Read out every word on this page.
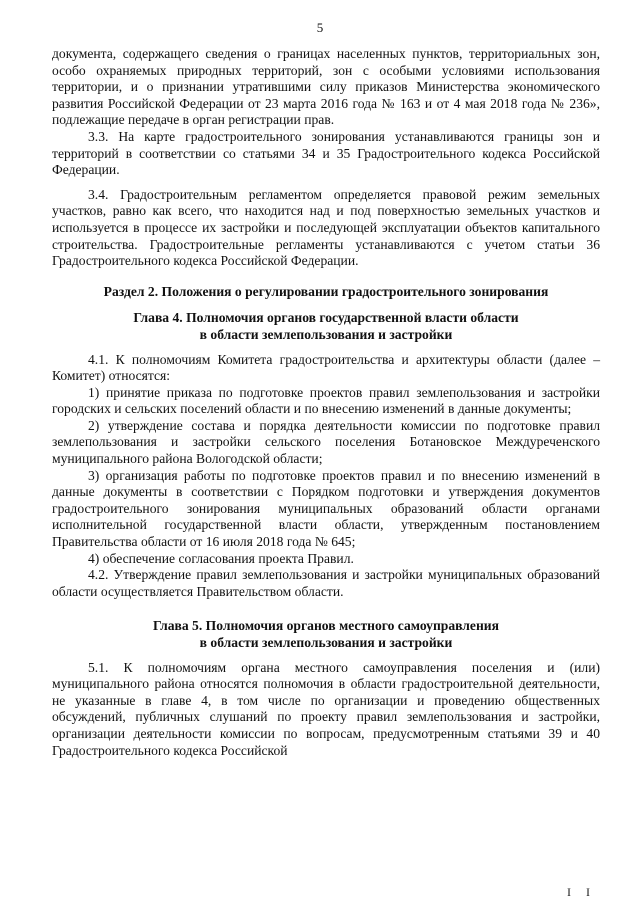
5

документа, содержащего сведения о границах населенных пунктов, территориальных зон, особо охраняемых природных территорий, зон с особыми условиями использования территории, и о признании утратившими силу приказов Министерства экономического развития Российской Федерации от 23 марта 2016 года № 163 и от 4 мая 2018 года № 236», подлежащие передаче в орган регистрации прав.

3.3. На карте градостроительного зонирования устанавливаются границы зон и территорий в соответствии со статьями 34 и 35 Градостроительного кодекса Российской Федерации.

3.4. Градостроительным регламентом определяется правовой режим земельных участков, равно как всего, что находится над и под поверхностью земельных участков и используется в процессе их застройки и последующей эксплуатации объектов капитального строительства. Градостроительные регламенты устанавливаются с учетом статьи 36 Градостроительного кодекса Российской Федерации.

Раздел 2. Положения о регулировании градостроительного зонирования
Глава 4. Полномочия органов государственной власти области
в области землепользования и застройки

4.1. К полномочиям Комитета градостроительства и архитектуры области (далее – Комитет) относятся:

1) принятие приказа по подготовке проектов правил землепользования и застройки городских и сельских поселений области и по внесению изменений в данные документы;

2) утверждение состава и порядка деятельности комиссии по подготовке правил землепользования и застройки сельского поселения Ботановское Междуреченского муниципального района Вологодской области;

3) организация работы по подготовке проектов правил и по внесению изменений в данные документы в соответствии с Порядком подготовки и утверждения документов градостроительного зонирования муниципальных образований области органами исполнительной государственной власти области, утвержденным постановлением Правительства области от 16 июля 2018 года № 645;

4) обеспечение согласования проекта Правил.

4.2. Утверждение правил землепользования и застройки муниципальных образований области осуществляется Правительством области.

Глава 5. Полномочия органов местного самоуправления
в области землепользования и застройки

5.1. К полномочиям органа местного самоуправления поселения и (или) муниципального района относятся полномочия в области градостроительной деятельности, не указанные в главе 4, в том числе по организации и проведению общественных обсуждений, публичных слушаний по проекту правил землепользования и застройки, организации деятельности комиссии по вопросам, предусмотренным статьями 39 и 40 Градостроительного кодекса Российской

I I
